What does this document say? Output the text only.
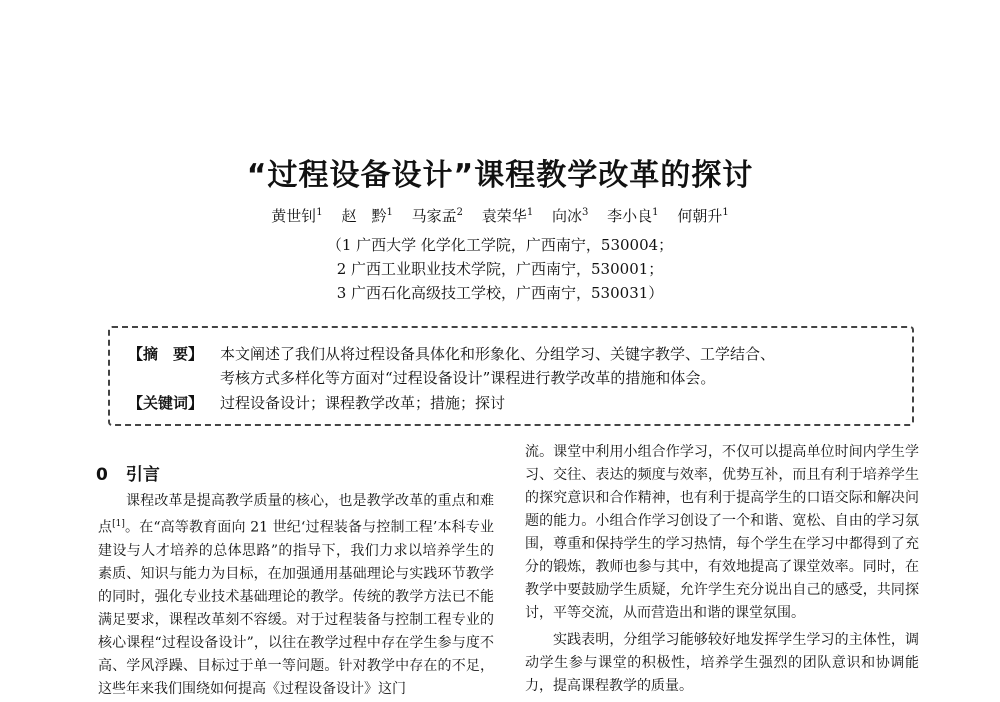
“过程设备设计”课程教学改革的探讨
黄世钊$^1$ 赵　黔$^1$ 马家孟$^2$ 袁荣华$^1$ 向冰$^3$ 李小良$^1$ 何朝升$^1$
（1 广西大学 化学化工学院，广西南宁，530004；
2 广西工业职业技术学院，广西南宁，530001；
3 广西石化高级技工学校，广西南宁，530031）
【摘　要】 本文阐述了我们从将过程设备具体化和形象化、分组学习、关键字教学、工学结合、
考核方式多样化等方面对“过程设备设计”课程进行教学改革的措施和体会。
【关键词】 过程设备设计；课程教学改革；措施；探讨
0 引言

课程改革是提高教学质量的核心，也是教学改革的重点和难点[1]。在“高等教育面向 21 世纪‘过程装备与控制工程’本科专业建设与人才培养的总体思路”的指导下，我们力求以培养学生的素质、知识与能力为目标，在加强通用基础理论与实践环节教学的同时，强化专业技术基础理论的教学。传统的教学方法已不能满足要求，课程改革刻不容缓。对于过程装备与控制工程专业的核心课程“过程设备设计”，以往在教学过程中存在学生参与度不高、学风浮躁、目标过于单一等问题。针对教学中存在的不足，这些年来我们围绕如何提高《过程设备设计》这门

流。课堂中利用小组合作学习，不仅可以提高单位时间内学生学习、交往、表达的频度与效率，优势互补，而且有利于培养学生的探究意识和合作精神，也有利于提高学生的口语交际和解决问题的能力。小组合作学习创设了一个和谐、宽松、自由的学习氛围，尊重和保持学生的学习热情，每个学生在学习中都得到了充分的锻炼，教师也参与其中，有效地提高了课堂效率。同时，在教学中要鼓励学生质疑，允许学生充分说出自己的感受，共同探讨，平等交流，从而营造出和谐的课堂氛围。

实践表明，分组学习能够较好地发挥学生学习的主体性，调动学生参与课堂的积极性，培养学生强烈的团队意识和协调能力，提高课程教学的质量。
